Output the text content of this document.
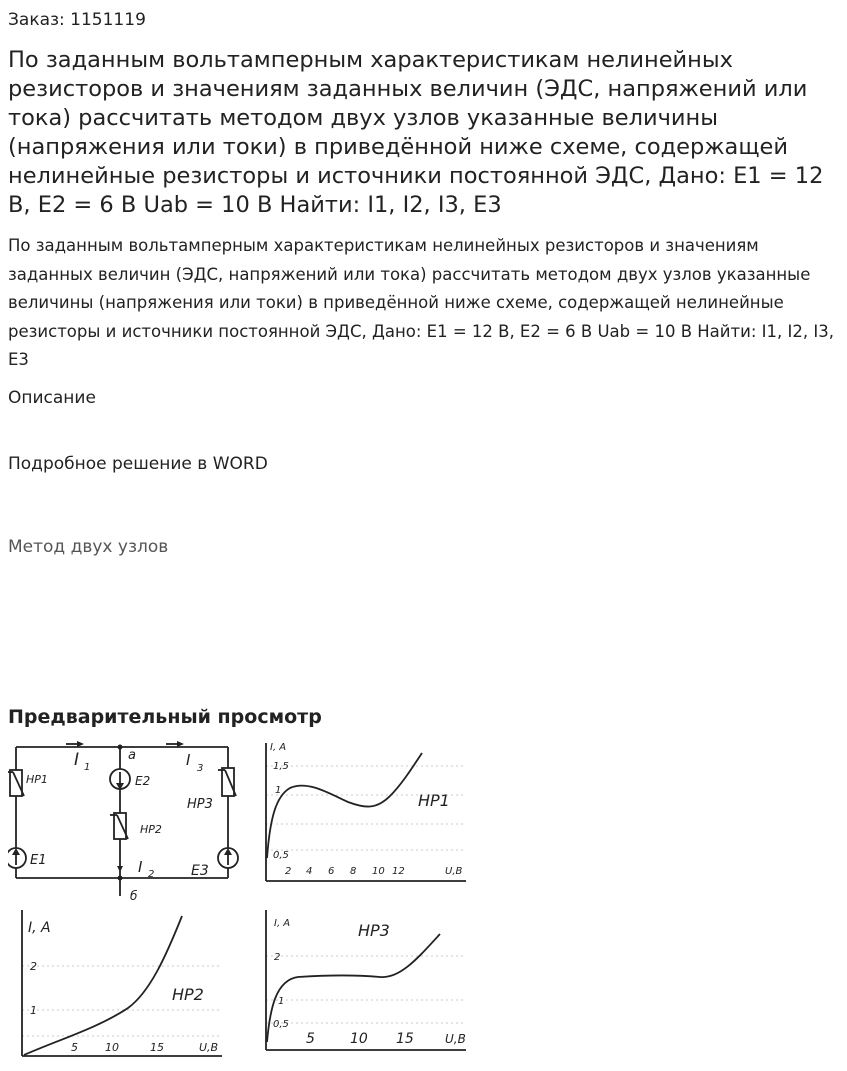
Заказ: 1151119
По заданным вольтамперным характеристикам нелинейных резисторов и значениям заданных величин (ЭДС, напряжений или тока) рассчитать методом двух узлов указанные величины (напряжения или токи) в приведённой ниже схеме, содержащей нелинейные резисторы и источники постоянной ЭДС, Дано: E1 = 12 В, E2 = 6 В Uab = 10 В Найти: I1, I2, I3, E3

По заданным вольтамперным характеристикам нелинейных резисторов и значениям заданных величин (ЭДС, напряжений или тока) рассчитать методом двух узлов указанные величины (напряжения или токи) в приведённой ниже схеме, содержащей нелинейные резисторы и источники постоянной ЭДС, Дано: E1 = 12 В, E2 = 6 В Uab = 10 В Найти: I1, I2, I3, E3

Описание
Подробное решение в WORD
Метод двух узлов
Предварительный просмотр
a
б
HP1
HP2
HP3
E1
E2
E3
I 1
I 2
I 3
I, A
1,5
1
0,5
2 4 6 8 10 12	U,B
HP1
I, A
2
1
5 10	15	U,B
HP2
I, A
2
1
0,5
5	10 15	U,B
HP3
